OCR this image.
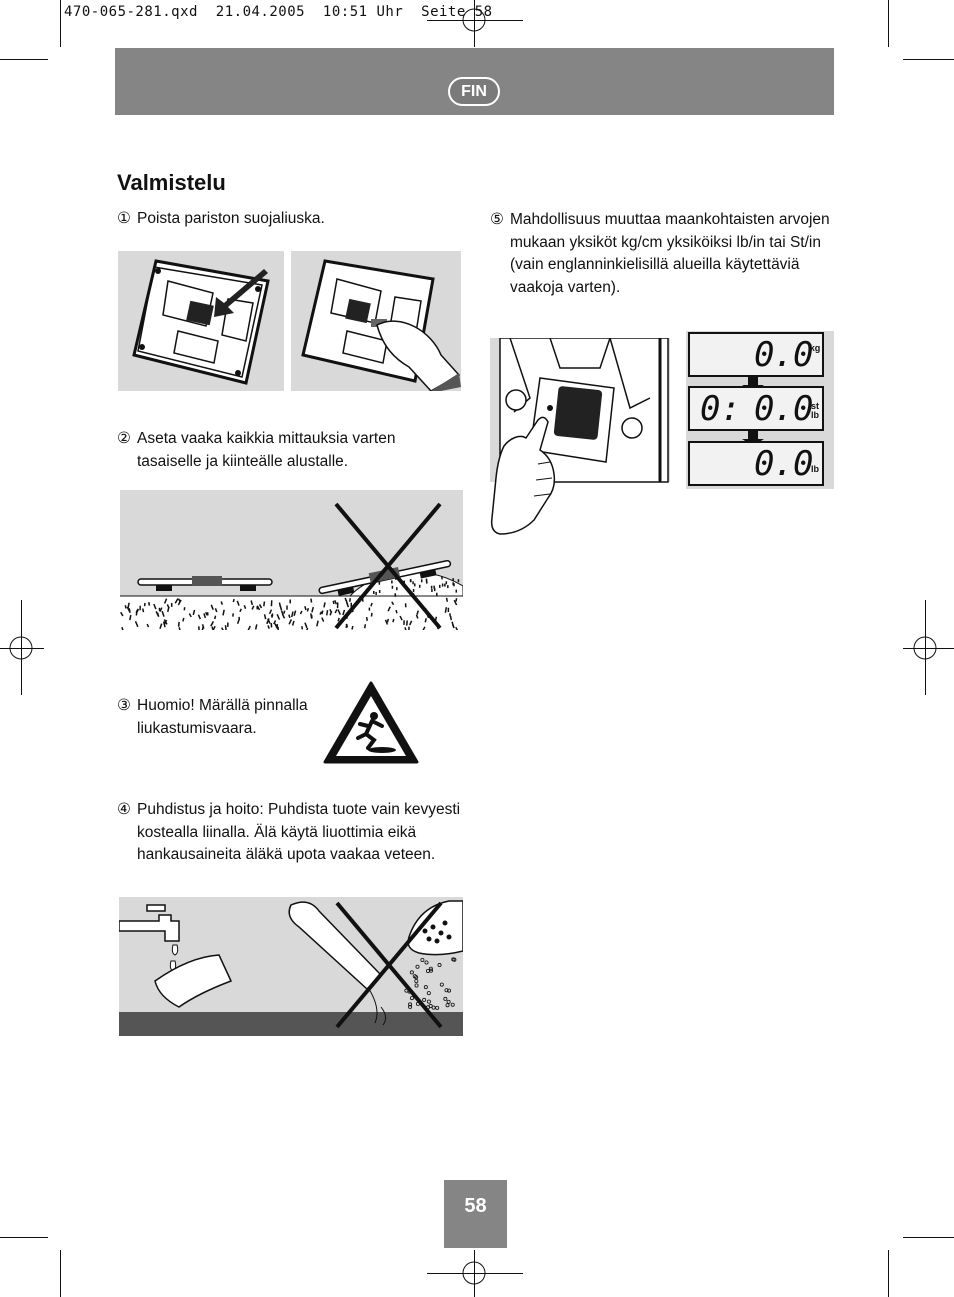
470-065-281.qxd  21.04.2005  10:51 Uhr  Seite 58
FIN
Valmistelu
① Poista pariston suojaliuska.
② Aseta vaaka kaikkia mittauksia varten tasaiselle ja kiinteälle alustalle.
③ Huomio! Märällä pinnalla liukastumisvaara.
④ Puhdistus ja hoito: Puhdista tuote vain kevyesti kostealla liinalla. Älä käytä liuottimia eikä hankausaineita äläkä upota vaakaa veteen.
⑤ Mahdollisuus muuttaa maankohtaisten arvojen mukaan yksiköt kg/cm yksiköiksi lb/in tai St/in (vain englanninkielisillä alueilla käytettäviä vaakoja varten).
0.0
kg
0: 0.0
st lb
0.0
lb
58
